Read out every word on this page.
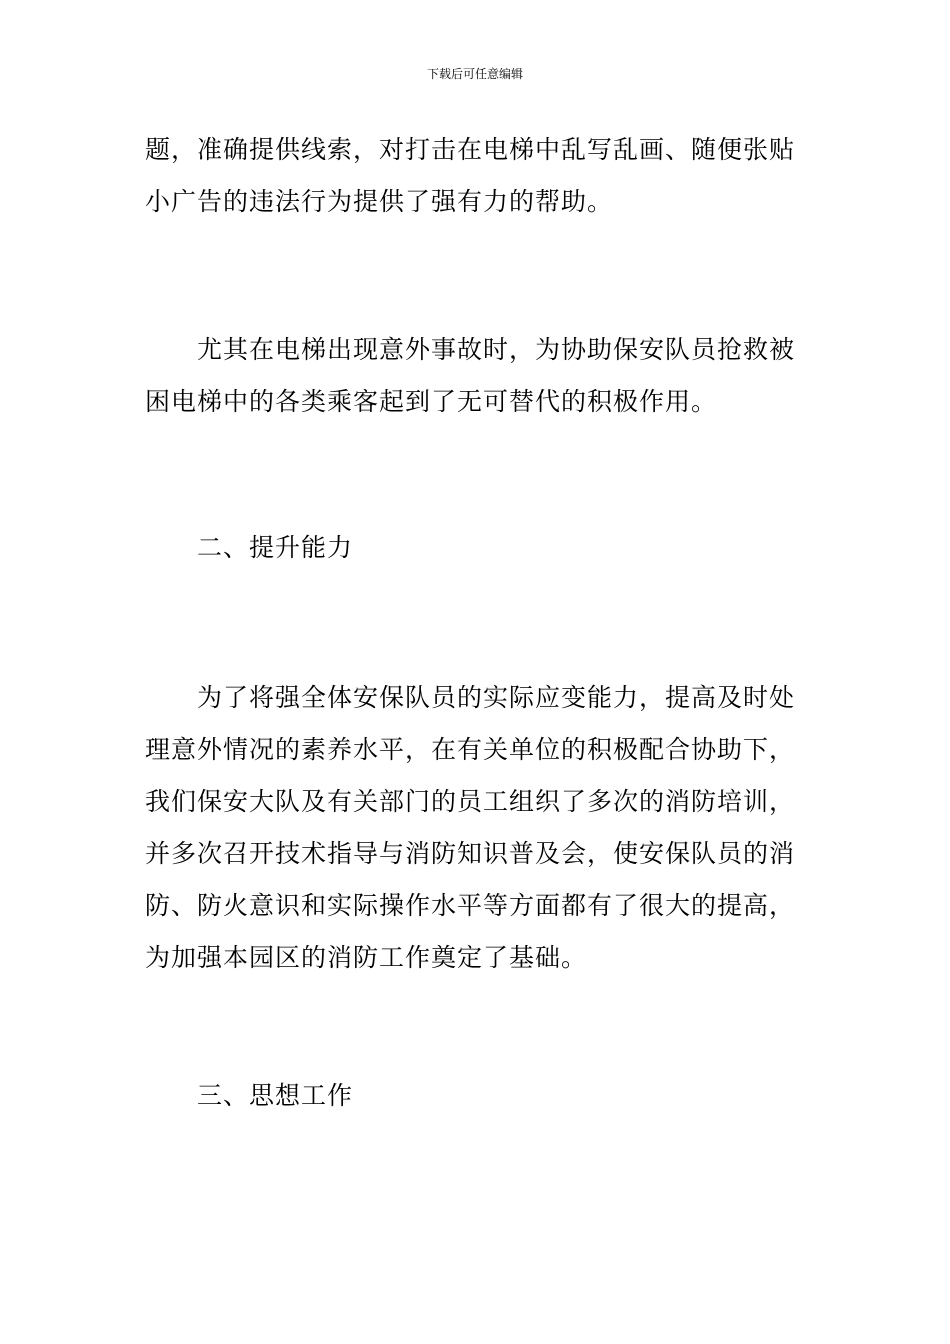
下载后可任意编辑
题，准确提供线索，对打击在电梯中乱写乱画、随便张贴
小广告的违法行为提供了强有力的帮助。
尤其在电梯出现意外事故时，为协助保安队员抢救被
困电梯中的各类乘客起到了无可替代的积极作用。
二、提升能力
为了将强全体安保队员的实际应变能力，提高及时处
理意外情况的素养水平，在有关单位的积极配合协助下，
我们保安大队及有关部门的员工组织了多次的消防培训，
并多次召开技术指导与消防知识普及会，使安保队员的消
防、防火意识和实际操作水平等方面都有了很大的提高，
为加强本园区的消防工作奠定了基础。
三、思想工作
